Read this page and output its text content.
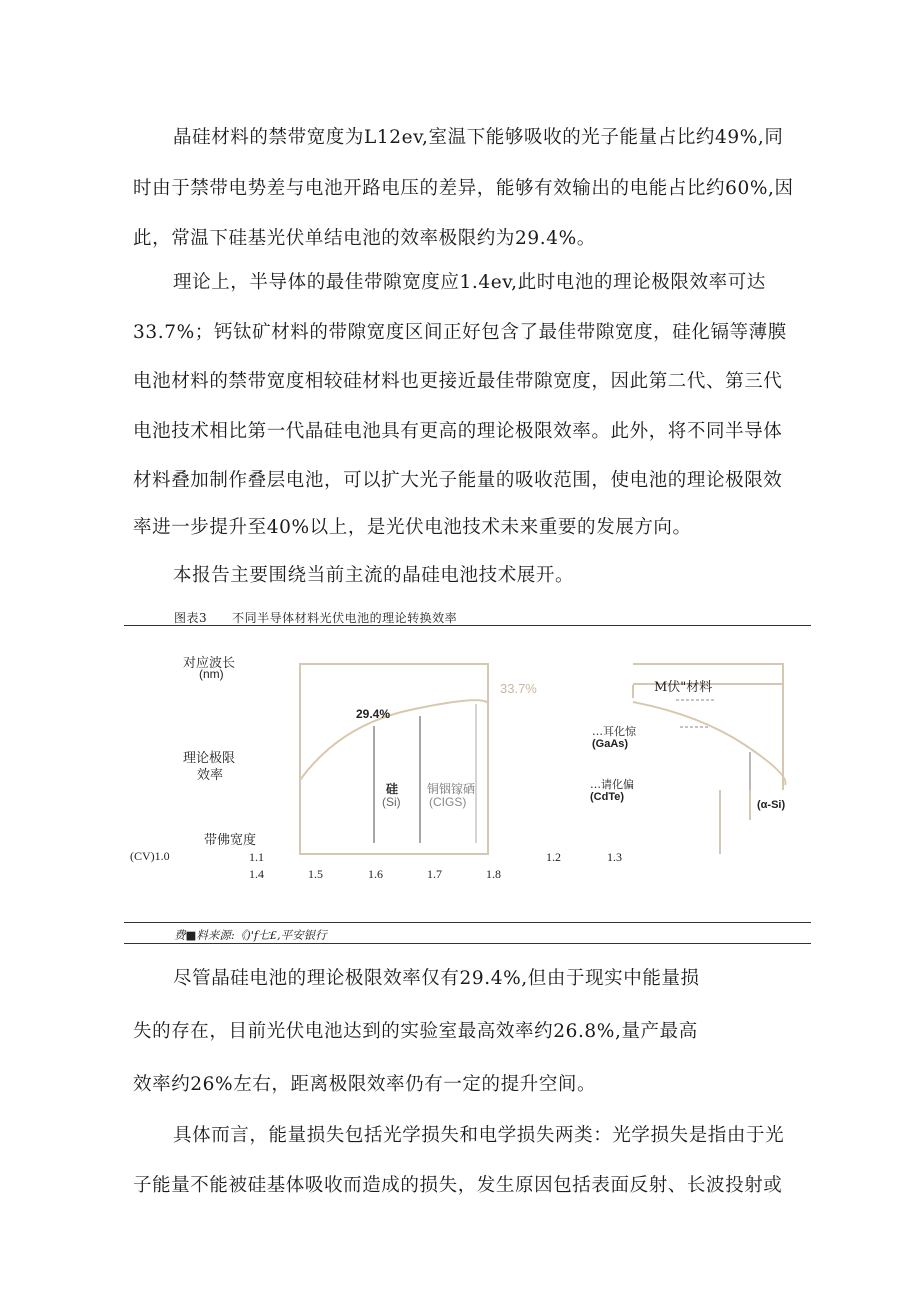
晶硅材料的禁带宽度为L12ev,室温下能够吸收的光子能量占比约49%,同

时由于禁带电势差与电池开路电压的差异，能够有效输出的电能占比约60%,因

此，常温下硅基光伏单结电池的效率极限约为29.4%。

理论上，半导体的最佳带隙宽度应1.4ev,此时电池的理论极限效率可达

33.7%；钙钛矿材料的带隙宽度区间正好包含了最佳带隙宽度，硅化镉等薄膜

电池材料的禁带宽度相较硅材料也更接近最佳带隙宽度，因此第二代、第三代

电池技术相比第一代晶硅电池具有更高的理论极限效率。此外，将不同半导体

材料叠加制作叠层电池，可以扩大光子能量的吸收范围，使电池的理论极限效

率进一步提升至40%以上，是光伏电池技术未来重要的发展方向。

本报告主要围绕当前主流的晶硅电池技术展开。

图表3　　不同半导体材料光伏电池的理论转换效率
对应波长
(nm)
理论极限
效率
带佛宽度
(CV)1.0
29.4%
33.7%
硅
(Si)
铜铟镓硒
(CIGS)
M伏"材料
…耳化惊
(GaAs)
…请化偏
(CdTe)
(α-Si)
1.1	1.2	1.3
1.4	1.5	1.6	1.7	1.8
费■料来源:《)'f七£,平安银行

尽管晶硅电池的理论极限效率仅有29.4%,但由于现实中能量损

失的存在，目前光伏电池达到的实验室最高效率约26.8%,量产最高

效率约26%左右，距离极限效率仍有一定的提升空间。

具体而言，能量损失包括光学损失和电学损失两类：光学损失是指由于光

子能量不能被硅基体吸收而造成的损失，发生原因包括表面反射、长波投射或
